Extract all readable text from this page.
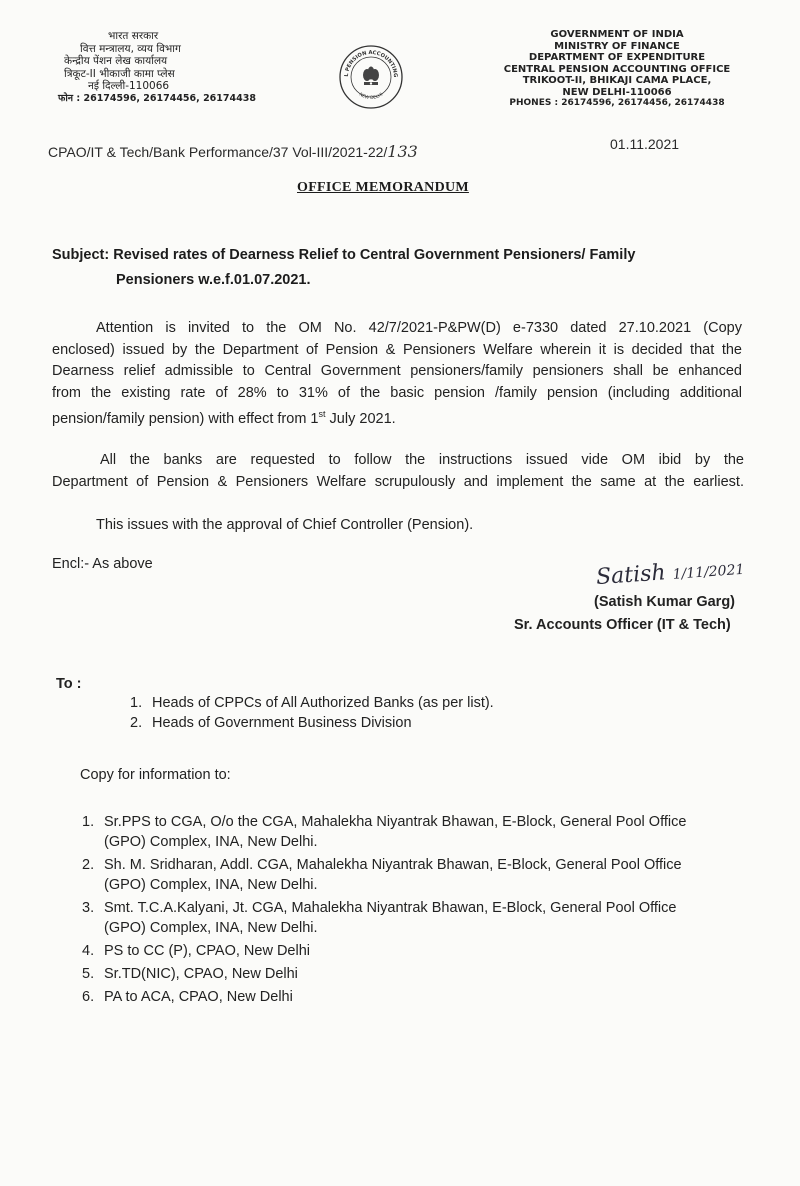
भारत सरकार
वित्त मन्त्रालय, व्यय विभाग
केन्द्रीय पेंशन लेख कार्यालय
त्रिकूट-II भीकाजी कामा प्लेस
नई दिल्ली-110066
फोन : 26174596, 26174456, 26174438
L PENSION ACCOUNTING
NEW DELHI
GOVERNMENT OF INDIA
MINISTRY OF FINANCE
DEPARTMENT OF EXPENDITURE
CENTRAL PENSION ACCOUNTING OFFICE
TRIKOOT-II, BHIKAJI CAMA PLACE,
NEW DELHI-110066
PHONES : 26174596, 26174456, 26174438
CPAO/IT & Tech/Bank Performance/37 Vol-III/2021-22/133	01.11.2021
OFFICE MEMORANDUM
Subject: Revised rates of Dearness Relief to Central Government Pensioners/ Family
Pensioners w.e.f.01.07.2021.
Attention is invited to the OM No. 42/7/2021-P&PW(D) e-7330 dated 27.10.2021 (Copy
enclosed) issued by the Department of Pension & Pensioners Welfare wherein it is decided that the
Dearness relief admissible to Central Government pensioners/family pensioners shall be enhanced
from the existing rate of 28% to 31% of the basic pension /family pension (including additional
pension/family pension) with effect from 1st July 2021.
All the banks are requested to follow the instructions issued vide OM ibid by the
Department of Pension & Pensioners Welfare scrupulously and implement the same at the earliest.
This issues with the approval of Chief Controller (Pension).
Encl:- As above	Satish 1/11/2021
(Satish Kumar Garg)
Sr. Accounts Officer (IT & Tech)
To :
1. Heads of CPPCs of All Authorized Banks (as per list).
2. Heads of Government Business Division
Copy for information to:
1. Sr.PPS to CGA, O/o the CGA, Mahalekha Niyantrak Bhawan, E-Block, General Pool Office
(GPO) Complex, INA, New Delhi.
2. Sh. M. Sridharan, Addl. CGA, Mahalekha Niyantrak Bhawan, E-Block, General Pool Office
(GPO) Complex, INA, New Delhi.
3. Smt. T.C.A.Kalyani, Jt. CGA, Mahalekha Niyantrak Bhawan, E-Block, General Pool Office
(GPO) Complex, INA, New Delhi.
4. PS to CC (P), CPAO, New Delhi
5. Sr.TD(NIC), CPAO, New Delhi
6. PA to ACA, CPAO, New Delhi
